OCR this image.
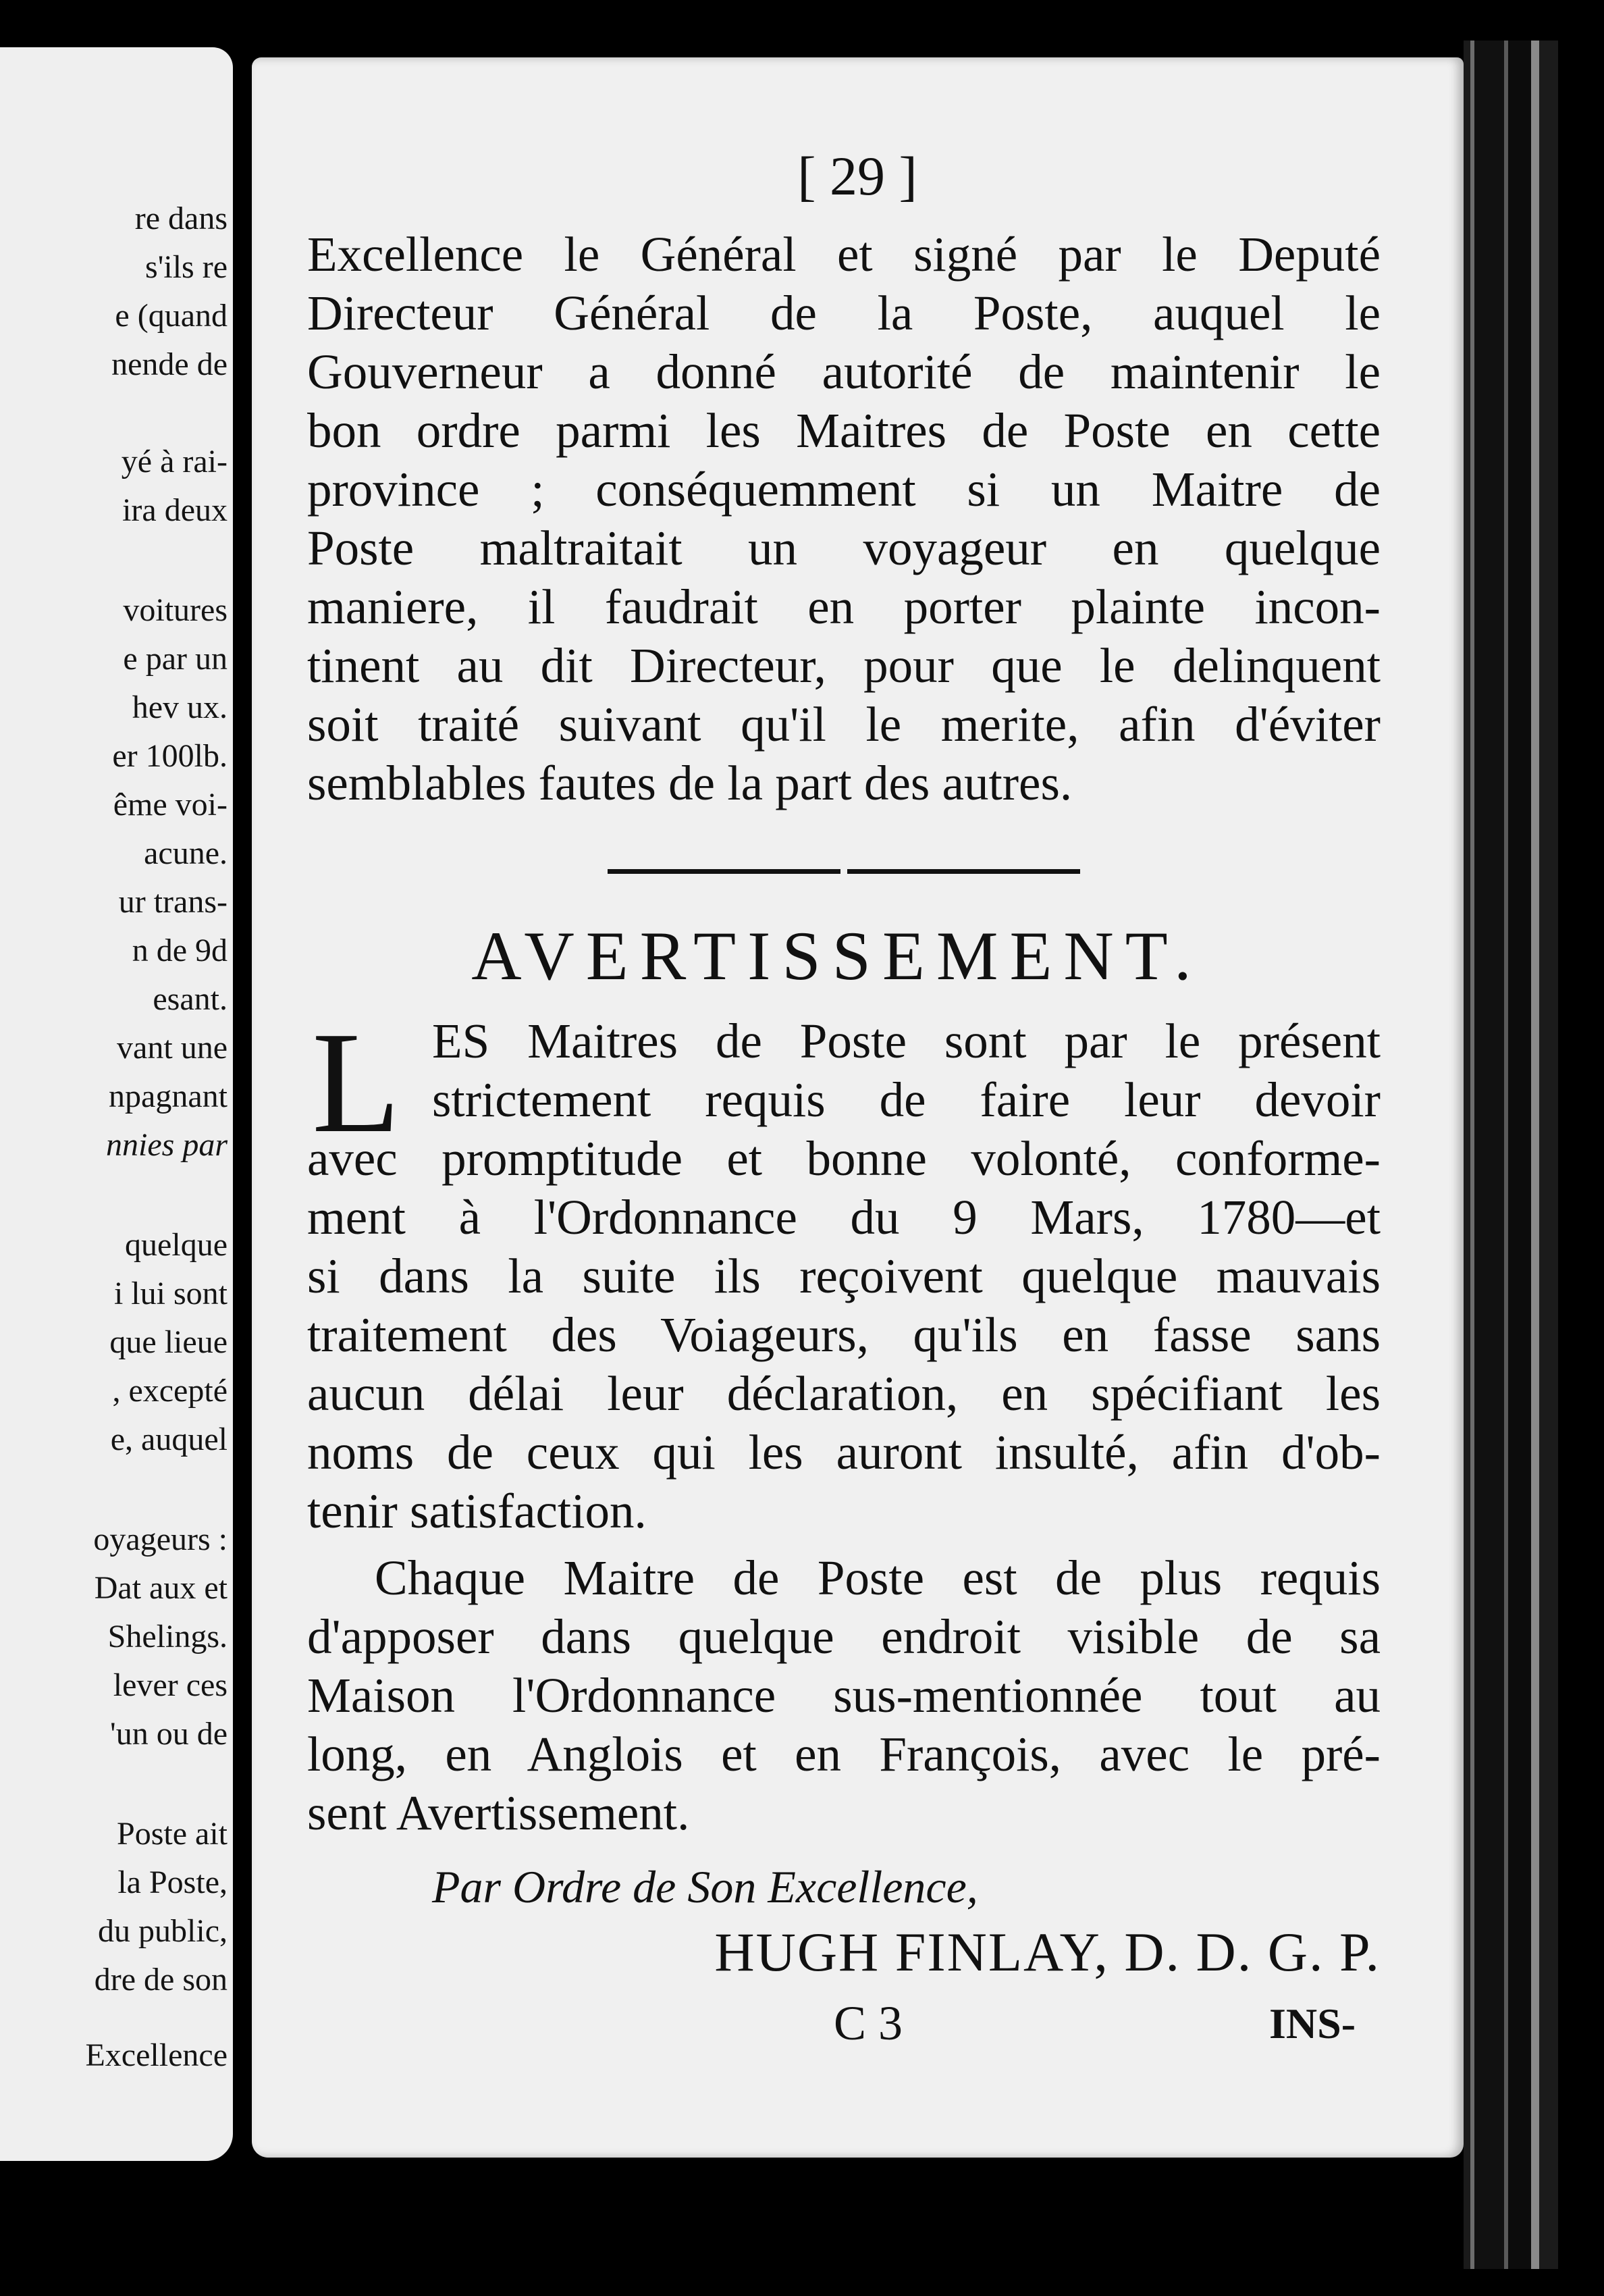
re dans
s'ils re
e (quand
nende de
yé à rai-
ira deux
voitures
e par un
hev ux.
er 100lb.
ême voi-
acune.
ur trans-
n de 9d
esant.
vant une
npagnant
nnies par
quelque
i lui sont
que lieue
, excepté
e, auquel
oyageurs :
Dat aux et
Shelings.
lever ces
'un ou de
Poste ait
la Poste,
du public,
dre de son
Excellence
[ 29 ]
Excellence le Général et signé par le Deputé
Directeur Général de la Poste, auquel le
Gouverneur a donné autorité de maintenir le
bon ordre parmi les Maitres de Poste en cette
province ; conséquemment si un Maitre de
Poste maltraitait un voyageur en quelque
maniere, il faudrait en porter plainte incon-
tinent au dit Directeur, pour que le delinquent
soit traité suivant qu'il le merite, afin d'éviter
semblables fautes de la part des autres.
AVERTISSEMENT.
L ES Maitres de Poste sont par le présent
strictement requis de faire leur devoir
avec promptitude et bonne volonté, conforme-
ment à l'Ordonnance du 9 Mars, 1780—et
si dans la suite ils reçoivent quelque mauvais
traitement des Voiageurs, qu'ils en fasse sans
aucun délai leur déclaration, en spécifiant les
noms de ceux qui les auront insulté, afin d'ob-
tenir satisfaction.
Chaque Maitre de Poste est de plus requis
d'apposer dans quelque endroit visible de sa
Maison l'Ordonnance sus-mentionnée tout au
long, en Anglois et en François, avec le pré-
sent Avertissement.
Par Ordre de Son Excellence,
HUGH FINLAY, D. D. G. P.
C 3	INS-
